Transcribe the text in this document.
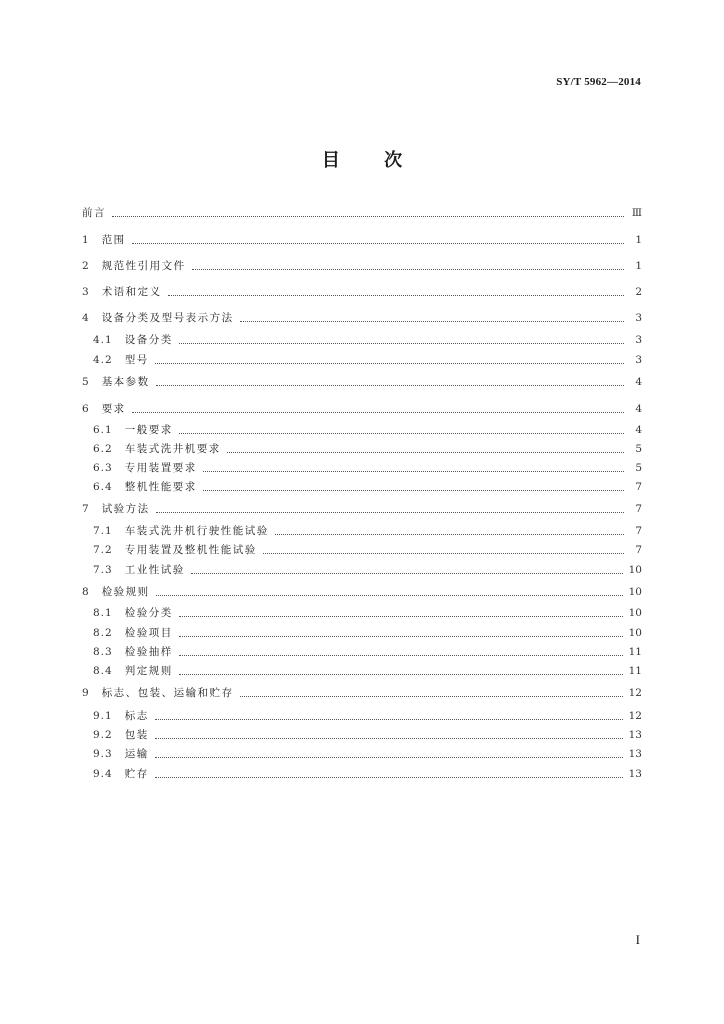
SY/T 5962—2014
目 次
前言	Ⅲ
1 范围	1
2 规范性引用文件	1
3 术语和定义	2
4 设备分类及型号表示方法	3
4.1 设备分类	3
4.2 型号	3
5 基本参数	4
6 要求	4
6.1 一般要求	4
6.2 车装式洗井机要求	5
6.3 专用装置要求	5
6.4 整机性能要求	7
7 试验方法	7
7.1 车装式洗井机行驶性能试验	7
7.2 专用装置及整机性能试验	7
7.3 工业性试验	10
8 检验规则	10
8.1 检验分类	10
8.2 检验项目	10
8.3 检验抽样	11
8.4 判定规则	11
9 标志、包装、运输和贮存	12
9.1 标志	12
9.2 包装	13
9.3 运输	13
9.4 贮存	13
I
